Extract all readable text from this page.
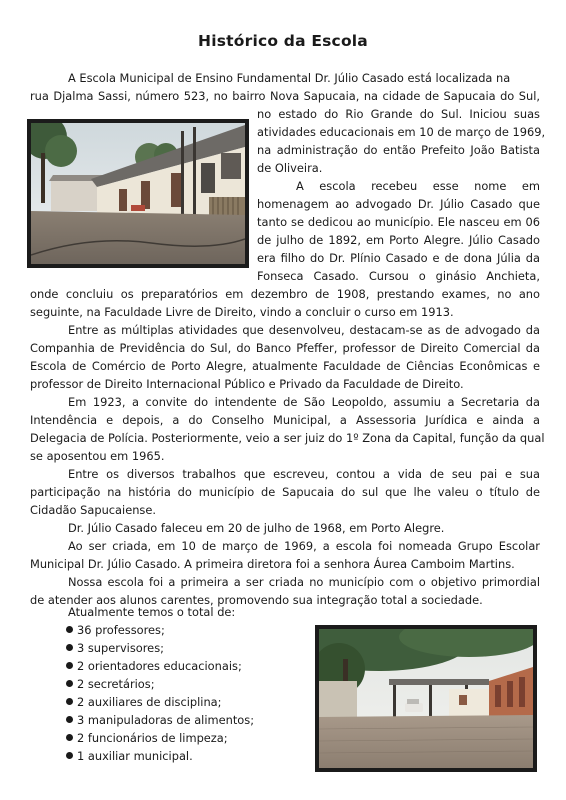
Histórico da Escola
A Escola Municipal de Ensino Fundamental Dr. Júlio Casado está localizada na
rua Djalma Sassi, número 523, no bairro Nova Sapucaia, na cidade de Sapucaia do Sul,
no estado do Rio Grande do Sul. Iniciou suas
atividades educacionais em 10 de março de 1969,
na administração do então Prefeito João Batista
de Oliveira.
A escola recebeu esse nome em
homenagem ao advogado Dr. Júlio Casado que
tanto se dedicou ao município. Ele nasceu em 06
de julho de 1892, em Porto Alegre. Júlio Casado
era filho do Dr. Plínio Casado e de dona Júlia da
Fonseca Casado. Cursou o ginásio Anchieta,
onde concluiu os preparatórios em dezembro de 1908, prestando exames, no ano
seguinte, na Faculdade Livre de Direito, vindo a concluir o curso em 1913.
Entre as múltiplas atividades que desenvolveu, destacam-se as de advogado da
Companhia de Previdência do Sul, do Banco Pfeffer, professor de Direito Comercial da
Escola de Comércio de Porto Alegre, atualmente Faculdade de Ciências Econômicas e
professor de Direito Internacional Público e Privado da Faculdade de Direito.
Em 1923, a convite do intendente de São Leopoldo, assumiu a Secretaria da
Intendência e depois, a do Conselho Municipal, a Assessoria Jurídica e ainda a
Delegacia de Polícia. Posteriormente, veio a ser juiz do 1º Zona da Capital, função da qual
se aposentou em 1965.
Entre os diversos trabalhos que escreveu, contou a vida de seu pai e sua
participação na história do município de Sapucaia do sul que lhe valeu o título de
Cidadão Sapucaiense.
Dr. Júlio Casado faleceu em 20 de julho de 1968, em Porto Alegre.
Ao ser criada, em 10 de março de 1969, a escola foi nomeada Grupo Escolar
Municipal Dr. Júlio Casado. A primeira diretora foi a senhora Áurea Camboim Martins.
Nossa escola foi a primeira a ser criada no município com o objetivo primordial
de atender aos alunos carentes, promovendo sua integração total a sociedade.
Atualmente temos o total de:
36 professores;
3 supervisores;
2 orientadores educacionais;
2 secretários;
2 auxiliares de disciplina;
3 manipuladoras de alimentos;
2 funcionários de limpeza;
1 auxiliar municipal.
